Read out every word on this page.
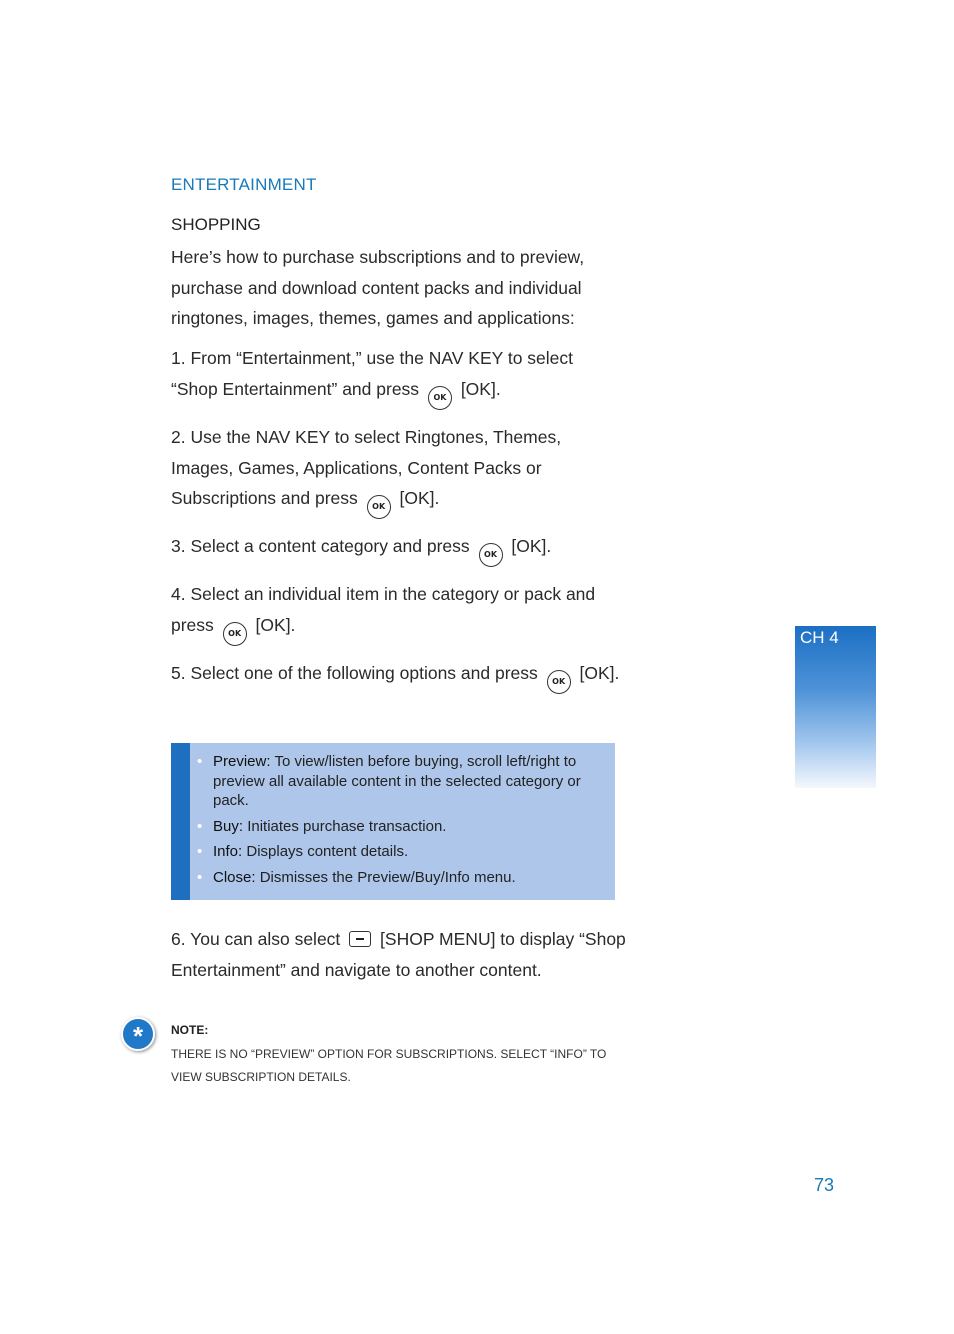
ENTERTAINMENT
SHOPPING
Here’s how to purchase subscriptions and to preview, purchase and download content packs and individual ringtones, images, themes, games and applications:
1. From “Entertainment,” use the NAV KEY to select “Shop Entertainment” and press OK [OK].
2. Use the NAV KEY to select Ringtones, Themes, Images, Games, Applications, Content Packs or Subscriptions and press OK [OK].
3. Select a content category and press OK [OK].
4. Select an individual item in the category or pack and press OK [OK].
5. Select one of the following options and press OK [OK].
• Preview: To view/listen before buying, scroll left/right to preview all available content in the selected category or pack.
• Buy: Initiates purchase transaction.
• Info: Displays content details.
• Close: Dismisses the Preview/Buy/Info menu.
6. You can also select [SHOP MENU] to display “Shop Entertainment” and navigate to another content.
*	NOTE:
THERE IS NO “PREVIEW” OPTION FOR SUBSCRIPTIONS. SELECT “INFO” TO VIEW SUBSCRIPTION DETAILS.
CH 4
73
